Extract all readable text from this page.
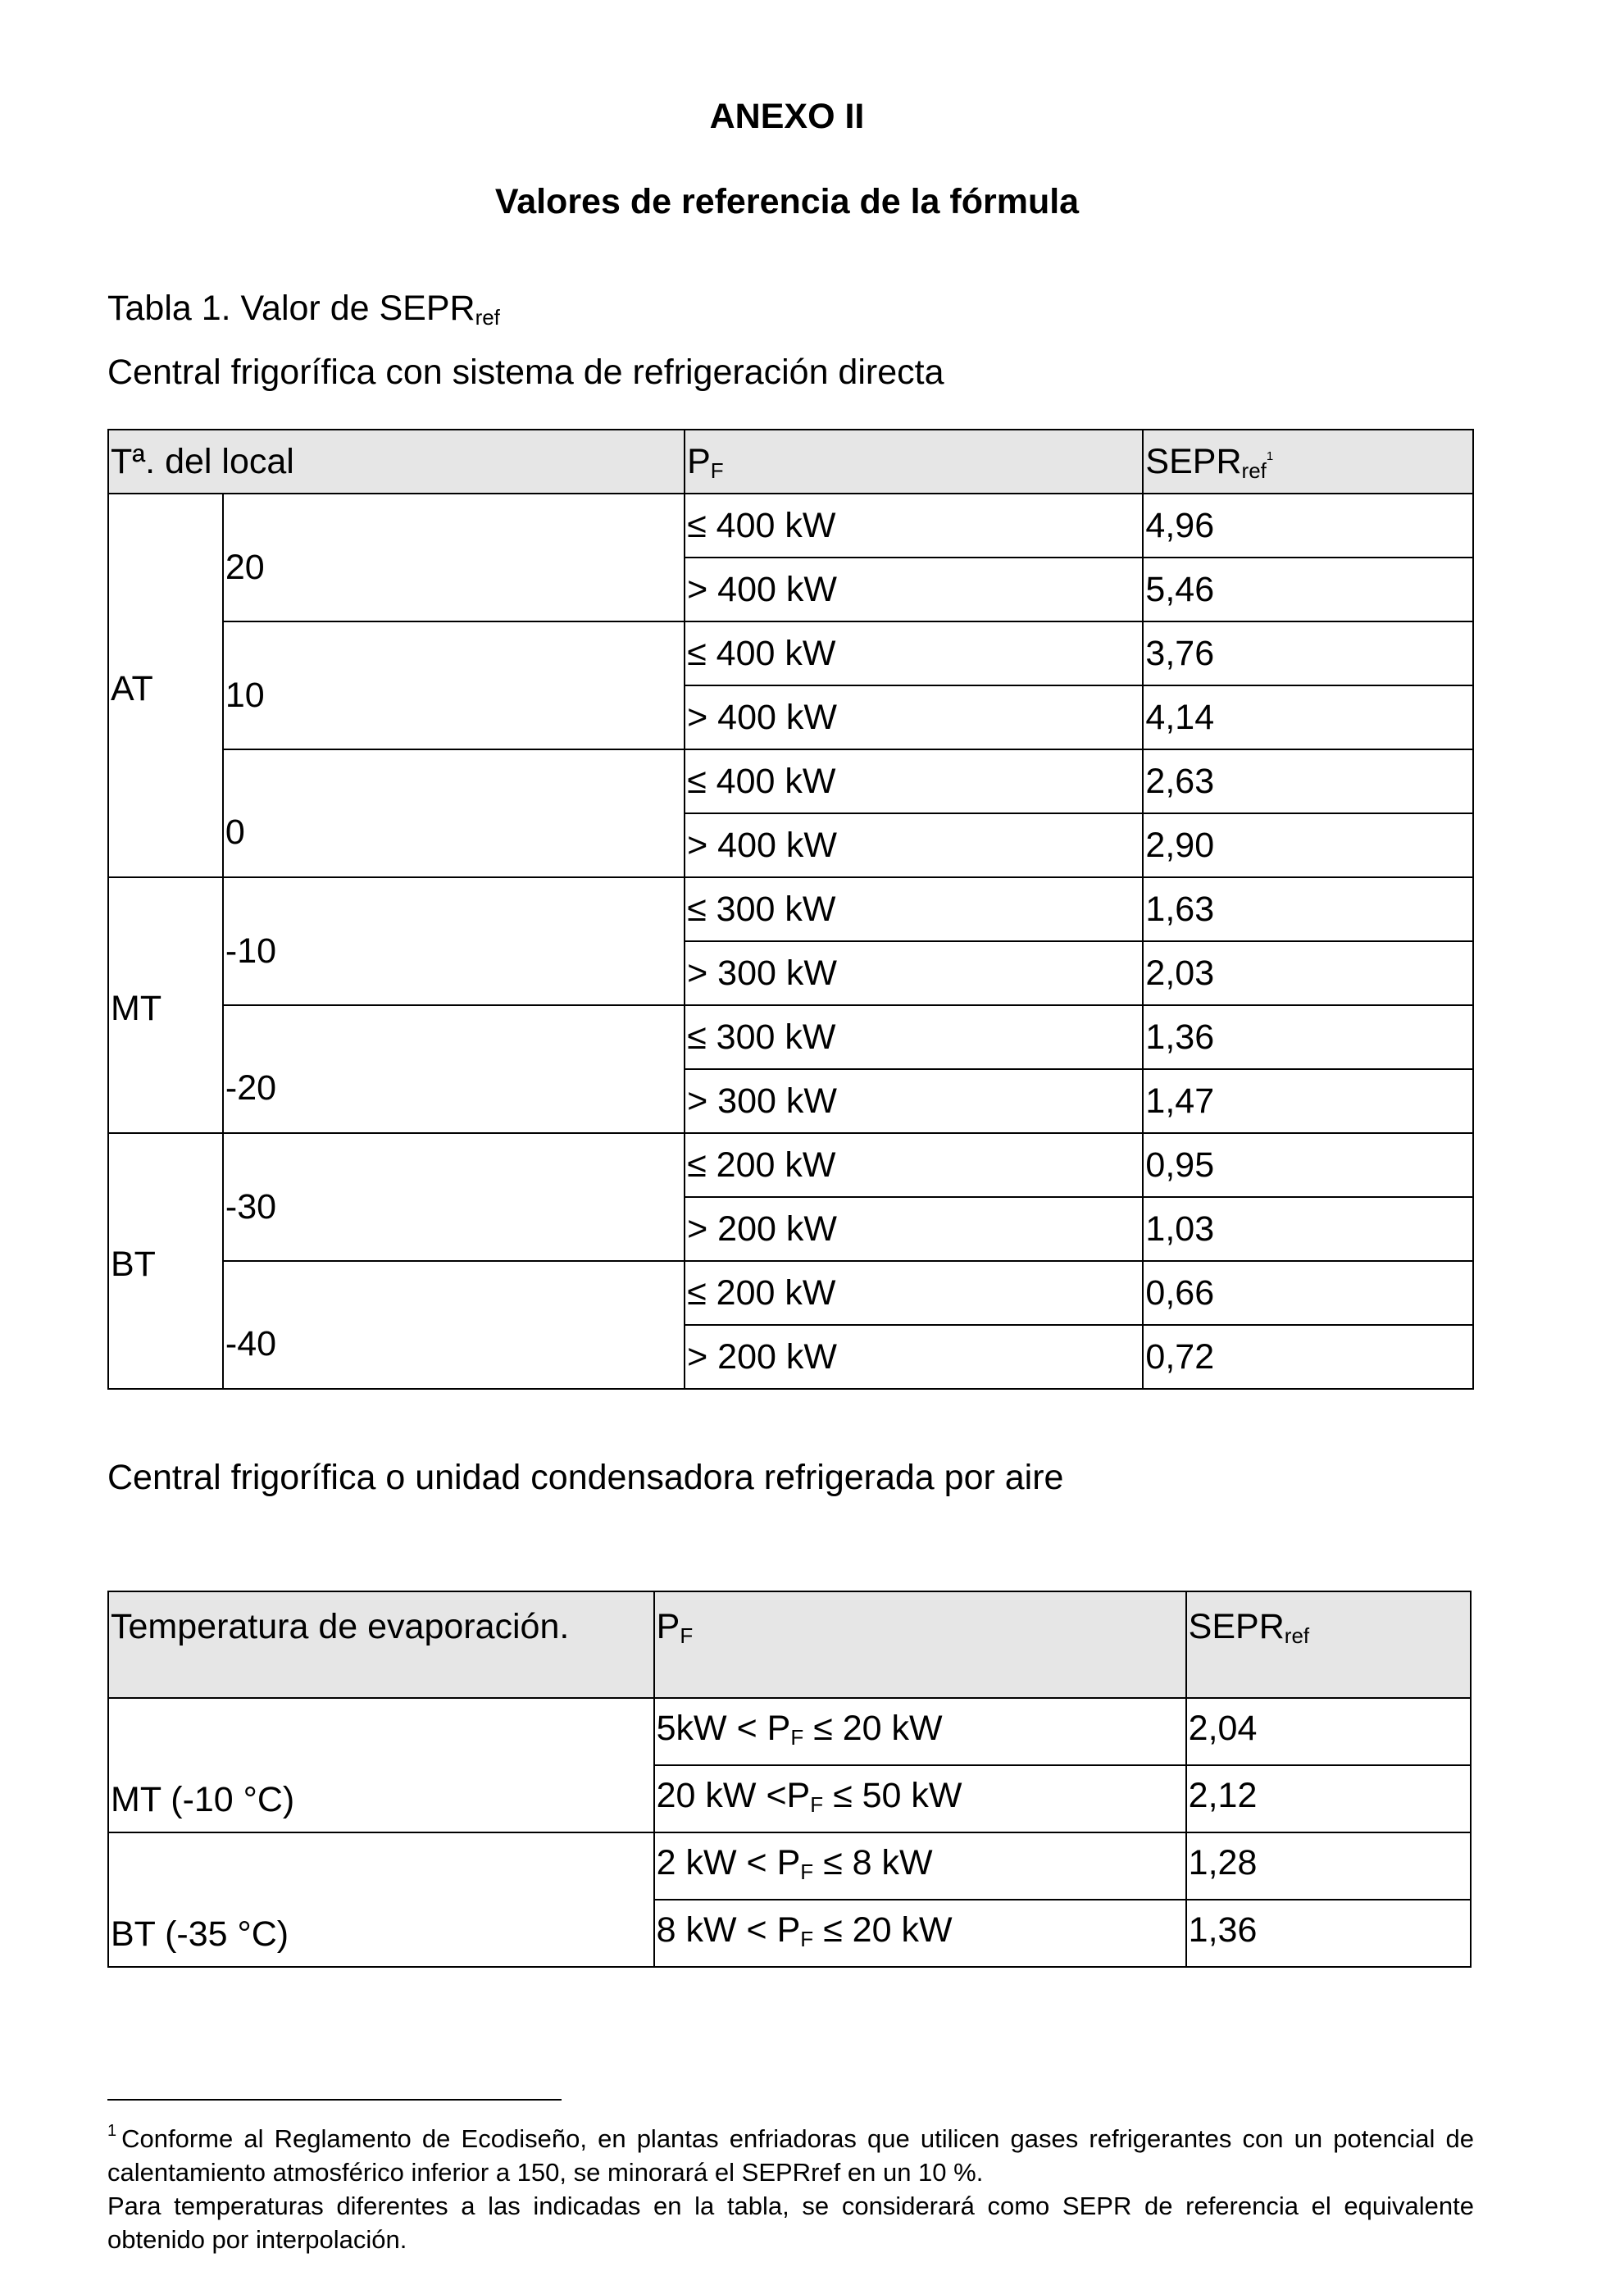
ANEXO II
Valores de referencia de la fórmula
Tabla 1. Valor de $SEPR_{ref}$
Central frigorífica con sistema de refrigeración directa
Tª. del local		$P_F$	$SEPR_{ref}^1$
AT	20	≤ 400 kW	4,96
		> 400 kW	5,46
	10	≤ 400 kW	3,76
		> 400 kW	4,14
	0	≤ 400 kW	2,63
		> 400 kW	2,90
MT	-10	≤ 300 kW	1,63
		> 300 kW	2,03
	-20	≤ 300 kW	1,36
		> 300 kW	1,47
BT	-30	≤ 200 kW	0,95
		> 200 kW	1,03
	-40	≤ 200 kW	0,66
		> 200 kW	0,72
Central frigorífica o unidad condensadora refrigerada por aire
Temperatura de evaporación.	$P_F$	$SEPR_{ref}$
MT (-10 °C)	$5kW < P_F \le 20$ kW	2,04
	20 kW $<P_F \le 50$ kW	2,12
BT (-35 °C)	2 kW < $P_F \le 8$ kW	1,28
	8 kW < $P_F \le 20$ kW	1,36
$^1$ Conforme al Reglamento de Ecodiseño, en plantas enfriadoras que utilicen gases refrigerantes con un potencial de calentamiento atmosférico inferior a 150, se minorará el SEPRref en un 10 %.
Para temperaturas diferentes a las indicadas en la tabla, se considerará como SEPR de referencia el equivalente obtenido por interpolación.
